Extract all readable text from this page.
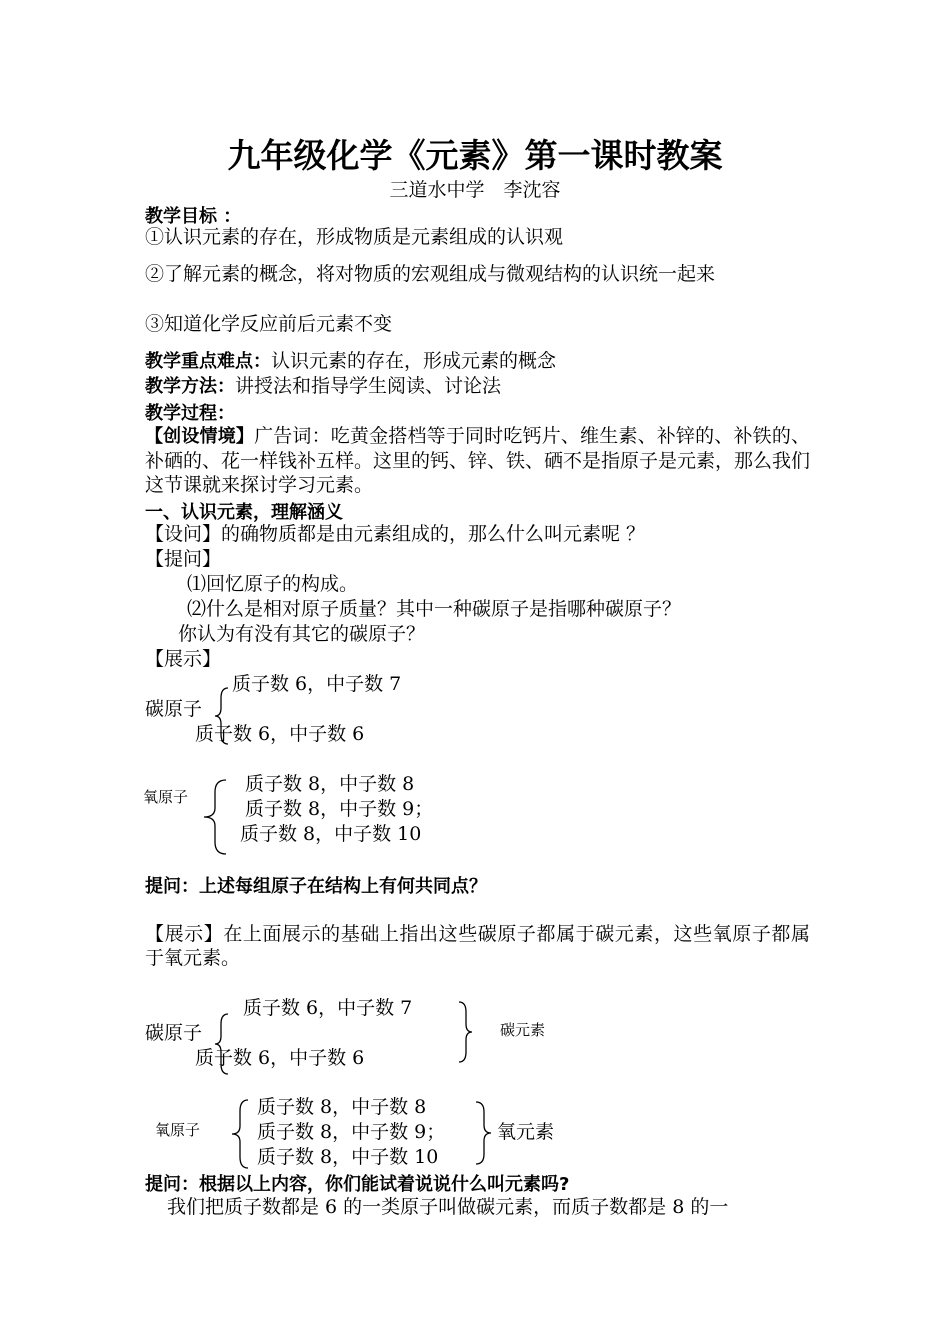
九年级化学《元素》第一课时教案
三道水中学　李沈容
教学目标 ：
①认识元素的存在，形成物质是元素组成的认识观
②了解元素的概念，将对物质的宏观组成与微观结构的认识统一起来
③知道化学反应前后元素不变
教学重点难点：认识元素的存在，形成元素的概念
教学方法：讲授法和指导学生阅读、讨论法
教学过程：
【创设情境】广告词：吃黄金搭档等于同时吃钙片、维生素、补锌的、补铁的、补硒的、花一样钱补五样。这里的钙、锌、铁、硒不是指原子是元素，那么我们这节课就来探讨学习元素。
一、认识元素，理解涵义
【设问】的确物质都是由元素组成的，那么什么叫元素呢 ？
【提问】
⑴回忆原子的构成。
⑵什么是相对原子质量？其中一种碳原子是指哪种碳原子？
你认为有没有其它的碳原子？
【展示】
质子数 6，中子数 7
碳原子
质子数 6，中子数 6
氧原子
质子数 8，中子数 8
质子数 8，中子数 9；
质子数 8，中子数 10
提问：上述每组原子在结构上有何共同点？
【展示】在上面展示的基础上指出这些碳原子都属于碳元素，这些氧原子都属于氧元素。
质子数 6，中子数 7
碳原子
质子数 6，中子数 6
碳元素
氧原子
质子数 8，中子数 8
质子数 8，中子数 9；
质子数 8，中子数 10
氧元素
提问：根据以上内容，你们能试着说说什么叫元素吗?
我们把质子数都是 6 的一类原子叫做碳元素，而质子数都是 8 的一
